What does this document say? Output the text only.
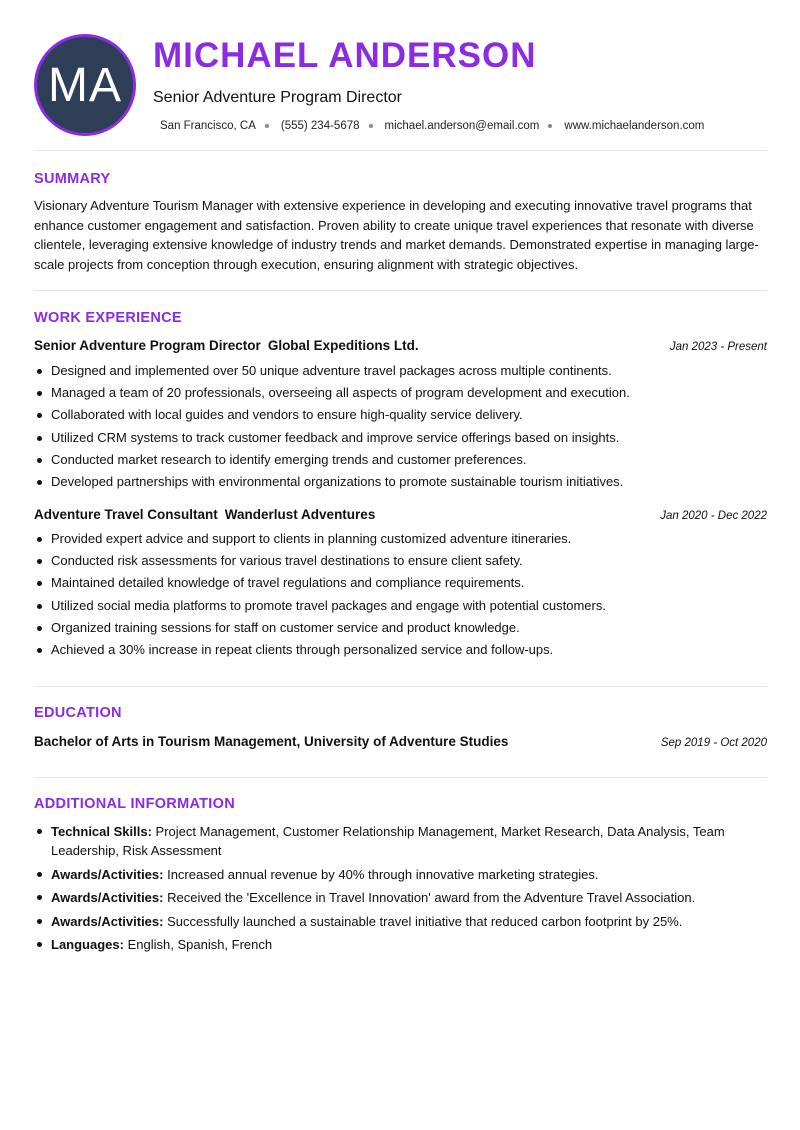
MA
MICHAEL ANDERSON
Senior Adventure Program Director
San Francisco, CA (555) 234-5678 michael.anderson@email.com www.michaelanderson.com
SUMMARY

Visionary Adventure Tourism Manager with extensive experience in developing and executing innovative travel programs that enhance customer engagement and satisfaction. Proven ability to create unique travel experiences that resonate with diverse clientele, leveraging extensive knowledge of industry trends and market demands. Demonstrated expertise in managing large-scale projects from conception through execution, ensuring alignment with strategic objectives.

WORK EXPERIENCE
Senior Adventure Program Director Global Expeditions Ltd.	Jan 2023 - Present
Designed and implemented over 50 unique adventure travel packages across multiple continents.
Managed a team of 20 professionals, overseeing all aspects of program development and execution.
Collaborated with local guides and vendors to ensure high-quality service delivery.
Utilized CRM systems to track customer feedback and improve service offerings based on insights.
Conducted market research to identify emerging trends and customer preferences.
Developed partnerships with environmental organizations to promote sustainable tourism initiatives.
Adventure Travel Consultant Wanderlust Adventures	Jan 2020 - Dec 2022
Provided expert advice and support to clients in planning customized adventure itineraries.
Conducted risk assessments for various travel destinations to ensure client safety.
Maintained detailed knowledge of travel regulations and compliance requirements.
Utilized social media platforms to promote travel packages and engage with potential customers.
Organized training sessions for staff on customer service and product knowledge.
Achieved a 30% increase in repeat clients through personalized service and follow-ups.
EDUCATION
Bachelor of Arts in Tourism Management, University of Adventure Studies	Sep 2019 - Oct 2020
ADDITIONAL INFORMATION
Technical Skills: Project Management, Customer Relationship Management, Market Research, Data Analysis, Team Leadership, Risk Assessment
Awards/Activities: Increased annual revenue by 40% through innovative marketing strategies.
Awards/Activities: Received the 'Excellence in Travel Innovation' award from the Adventure Travel Association.
Awards/Activities: Successfully launched a sustainable travel initiative that reduced carbon footprint by 25%.
Languages: English, Spanish, French
